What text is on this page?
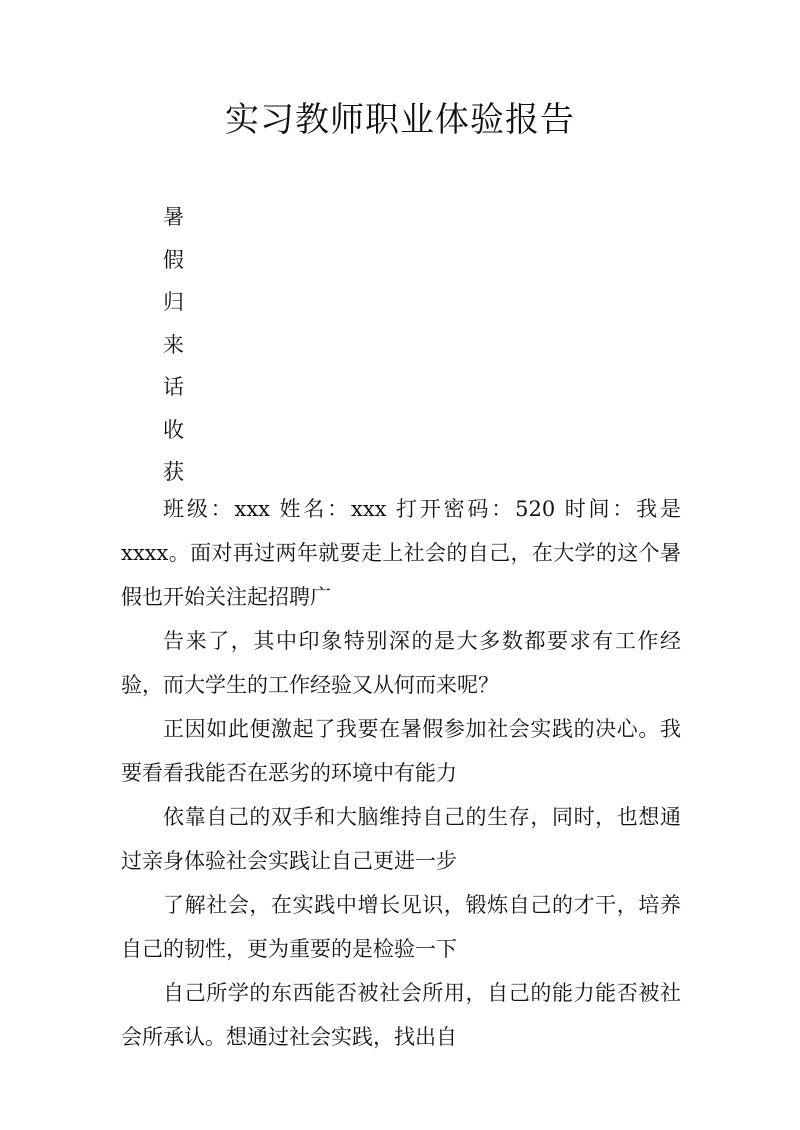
实习教师职业体验报告
暑
假
归
来
话
收
获

班级：xxx 姓名：xxx 打开密码：520 时间：我是 xxxx。面对再过两年就要走上社会的自己，在大学的这个暑假也开始关注起招聘广

告来了，其中印象特别深的是大多数都要求有工作经验，而大学生的工作经验又从何而来呢？

正因如此便激起了我要在暑假参加社会实践的决心。我要看看我能否在恶劣的环境中有能力

依靠自己的双手和大脑维持自己的生存，同时，也想通过亲身体验社会实践让自己更进一步

了解社会，在实践中增长见识，锻炼自己的才干，培养自己的韧性，更为重要的是检验一下

自己所学的东西能否被社会所用，自己的能力能否被社会所承认。想通过社会实践，找出自
